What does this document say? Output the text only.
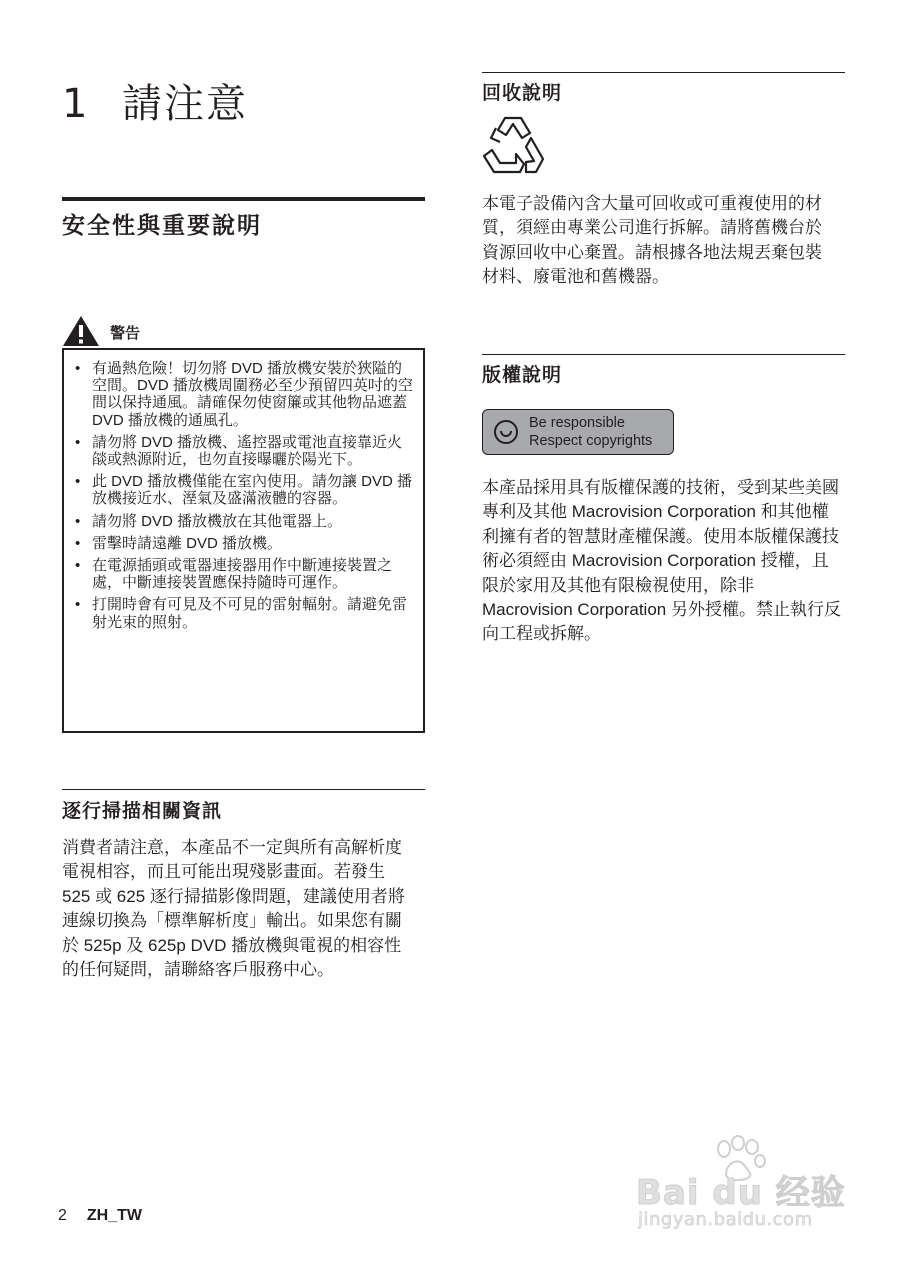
1 請注意
安全性與重要說明
警告
• 有過熱危險！切勿將 DVD 播放機安裝於狹隘的空間。DVD 播放機周圍務必至少預留四英吋的空間以保持通風。請確保勿使窗簾或其他物品遮蓋 DVD 播放機的通風孔。
• 請勿將 DVD 播放機、遙控器或電池直接靠近火燄或熱源附近，也勿直接曝曬於陽光下。
• 此 DVD 播放機僅能在室內使用。請勿讓 DVD 播放機接近水、溼氣及盛滿液體的容器。
• 請勿將 DVD 播放機放在其他電器上。
• 雷擊時請遠離 DVD 播放機。
• 在電源插頭或電器連接器用作中斷連接裝置之處，中斷連接裝置應保持隨時可運作。
• 打開時會有可見及不可見的雷射輻射。請避免雷射光束的照射。
逐行掃描相關資訊
消費者請注意，本產品不一定與所有高解析度電視相容，而且可能出現殘影畫面。若發生 525 或 625 逐行掃描影像問題，建議使用者將連線切換為「標準解析度」輸出。如果您有關於 525p 及 625p DVD 播放機與電視的相容性的任何疑問，請聯絡客戶服務中心。
2 ZH_TW
回收說明
本電子設備內含大量可回收或可重複使用的材質，須經由專業公司進行拆解。請將舊機台於資源回收中心棄置。請根據各地法規丟棄包裝材料、廢電池和舊機器。
版權說明
Be responsible
Respect copyrights
本產品採用具有版權保護的技術，受到某些美國 專利及其他 Macrovision Corporation 和其他權利擁有者的智慧財產權保護。使用本版權保護技術必須經由 Macrovision Corporation 授權，且限於家用及其他有限檢視使用，除非 Macrovision Corporation 另外授權。禁止執行反向工程或拆解。
Bai du 经验
jingyan.baidu.com
